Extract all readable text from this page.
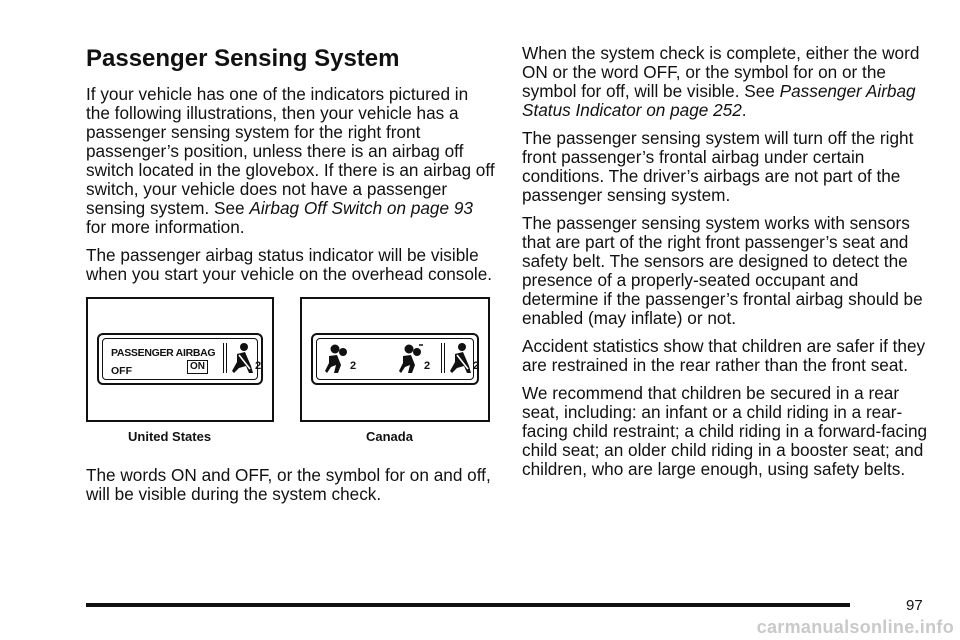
Passenger Sensing System

If your vehicle has one of the indicators pictured in the following illustrations, then your vehicle has a passenger sensing system for the right front passenger’s position, unless there is an airbag off switch located in the glovebox. If there is an airbag off switch, your vehicle does not have a passenger sensing system. See Airbag Off Switch on page 93 for more information.

The passenger airbag status indicator will be visible when you start your vehicle on the overhead console.

PASSENGER AIRBAG
OFF	ON	2	2	2	2
United States	Canada

The words ON and OFF, or the symbol for on and off, will be visible during the system check.

When the system check is complete, either the word ON or the word OFF, or the symbol for on or the symbol for off, will be visible. See Passenger Airbag Status Indicator on page 252.

The passenger sensing system will turn off the right front passenger’s frontal airbag under certain conditions. The driver’s airbags are not part of the passenger sensing system.

The passenger sensing system works with sensors that are part of the right front passenger’s seat and safety belt. The sensors are designed to detect the presence of a properly-seated occupant and determine if the passenger’s frontal airbag should be enabled (may inflate) or not.

Accident statistics show that children are safer if they are restrained in the rear rather than the front seat.

We recommend that children be secured in a rear seat, including: an infant or a child riding in a rear-facing child restraint; a child riding in a forward-facing child seat; an older child riding in a booster seat; and children, who are large enough, using safety belts.

97
carmanualsonline.info
